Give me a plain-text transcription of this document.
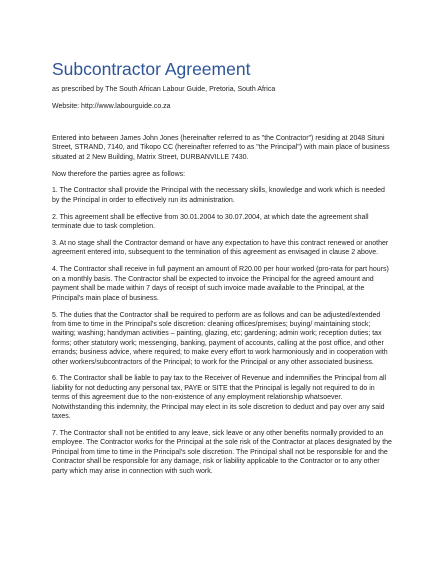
Subcontractor Agreement

as prescribed by The South African Labour Guide, Pretoria, South Africa

Website: http://www.labourguide.co.za

Entered into between James John Jones (hereinafter referred to as "the Contractor") residing at 2048 Situni Street, STRAND, 7140, and Tikopo CC (hereinafter referred to as "the Principal") with main place of business situated at 2 New Building, Matrix Street, DURBANVILLE 7430.

Now therefore the parties agree as follows:

1. The Contractor shall provide the Principal with the necessary skills, knowledge and work which is needed by the Principal in order to effectively run its administration.

2. This agreement shall be effective from 30.01.2004 to 30.07.2004, at which date the agreement shall terminate due to task completion.

3. At no stage shall the Contractor demand or have any expectation to have this contract renewed or another agreement entered into, subsequent to the termination of this agreement as envisaged in clause 2 above.

4. The Contractor shall receive in full payment an amount of R20.00 per hour worked (pro-rata for part hours) on a monthly basis. The Contractor shall be expected to invoice the Principal for the agreed amount and payment shall be made within 7 days of receipt of such invoice made available to the Principal, at the Principal's main place of business.

5. The duties that the Contractor shall be required to perform are as follows and can be adjusted/extended from time to time in the Principal's sole discretion: cleaning offices/premises; buying/ maintaining stock; waiting; washing; handyman activities – painting, glazing, etc; gardening; admin work; reception duties; tax forms; other statutory work; messenging, banking, payment of accounts, calling at the post office, and other errands; business advice, where required; to make every effort to work harmoniously and in cooperation with other workers/subcontractors of the Principal; to work for the Principal or any other associated business.

6. The Contractor shall be liable to pay tax to the Receiver of Revenue and indemnifies the Principal from all liability for not deducting any personal tax, PAYE or SITE that the Principal is legally not required to do in terms of this agreement due to the non-existence of any employment relationship whatsoever. Notwithstanding this indemnity, the Principal may elect in its sole discretion to deduct and pay over any said taxes.

7. The Contractor shall not be entitled to any leave, sick leave or any other benefits normally provided to an employee. The Contractor works for the Principal at the sole risk of the Contractor at places designated by the Principal from time to time in the Principal's sole discretion. The Principal shall not be responsible for and the Contractor shall be responsible for any damage, risk or liability applicable to the Contractor or to any other party which may arise in connection with such work.
